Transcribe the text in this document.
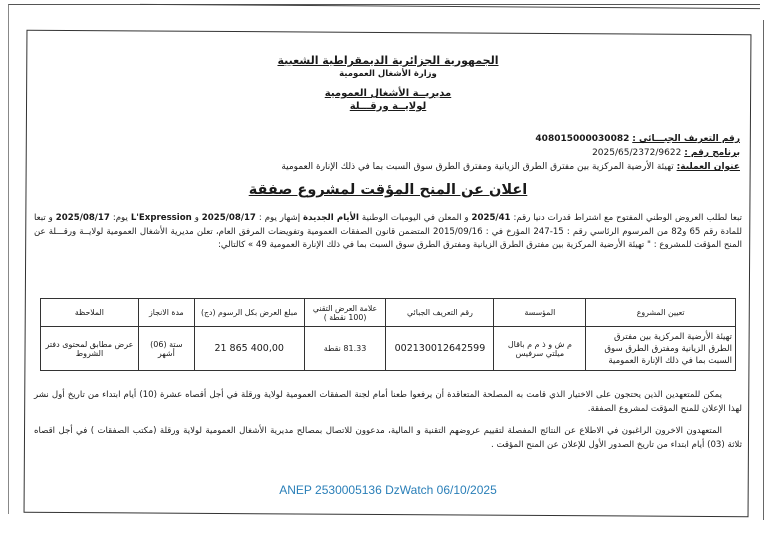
الجمهورية الجزائرية الديمقراطية الشعبية
وزارة الأشغال العمومية
مديريــة الأشغال العمومية
لولايــة ورقـــلة
رقم التعريف الجبـــائي : 408015000030082
برنامج رقم : 2025/65/2372/9622
عنوان العملية: تهيئة الأرضية المركزية بين مفترق الطرق الزيانية ومفترق الطرق سوق السبت بما في ذلك الإنارة العمومية
اعلان عن المنح المؤقت لمشروع صفقة

تبعا لطلب العروض الوطني المفتوح مع اشتراط قدرات دنيا رقم: 2025/41 و المعلن في اليوميات الوطنية الأيام الجديدة إشهار يوم : 2025/08/17 و L'Expression يوم: 2025/08/17 و تبعا للمادة رقم 65 و82 من المرسوم الرئاسي رقم : 15-247 المؤرخ في : 2015/09/16 المتضمن قانون الصفقات العمومية وتفويضات المرفق العام، تعلن مديرية الأشغال العمومية لولايــة ورقـــلة عن المنح المؤقت للمشروع : " تهيئة الأرضية المركزية بين مفترق الطرق الزيانية ومفترق الطرق سوق السبت بما في ذلك الإنارة العمومية 49 » كالتالي:

تعيين المشروع	المؤسسة	رقم التعريف الجبائي	علامة العرض التقني (100 نقطة )	مبلغ العرض بكل الرسوم (دج)	مدة الانجاز	الملاحظة
تهيئة الأرضية المركزية بين مفترق الطرق الزيانية ومفترق الطرق سوق السبت بما في ذلك الإنارة العمومية	م ش و ذ م م باقال ميلتي سرفيس	002130012642599	81.33 نقطة	21 865 400,00	ستة (06) أشهر	عرض مطابق لمحتوى دفتر الشروط

يمكن للمتعهدين الذين يحتجون على الاختيار الذي قامت به المصلحة المتعاقدة أن يرفعوا طعنا أمام لجنة الصفقات العمومية لولاية ورقلة في أجل أقصاه عشرة (10) أيام ابتداء من تاريخ أول نشر لهذا الإعلان للمنح المؤقت لمشروع الصفقة.

المتعهدون الاخرون الراغبون في الاطلاع عن النتائج المفصلة لتقييم عروضهم التقنية و المالية، مدعوون للاتصال بمصالح مديرية الأشغال العمومية لولاية ورقلة (مكتب الصفقات ) في أجل اقصاه ثلاثة (03) أيام ابتداء من تاريخ الصدور الأول للإعلان عن المنح المؤقت .

ANEP 2530005136 DzWatch 06/10/2025
